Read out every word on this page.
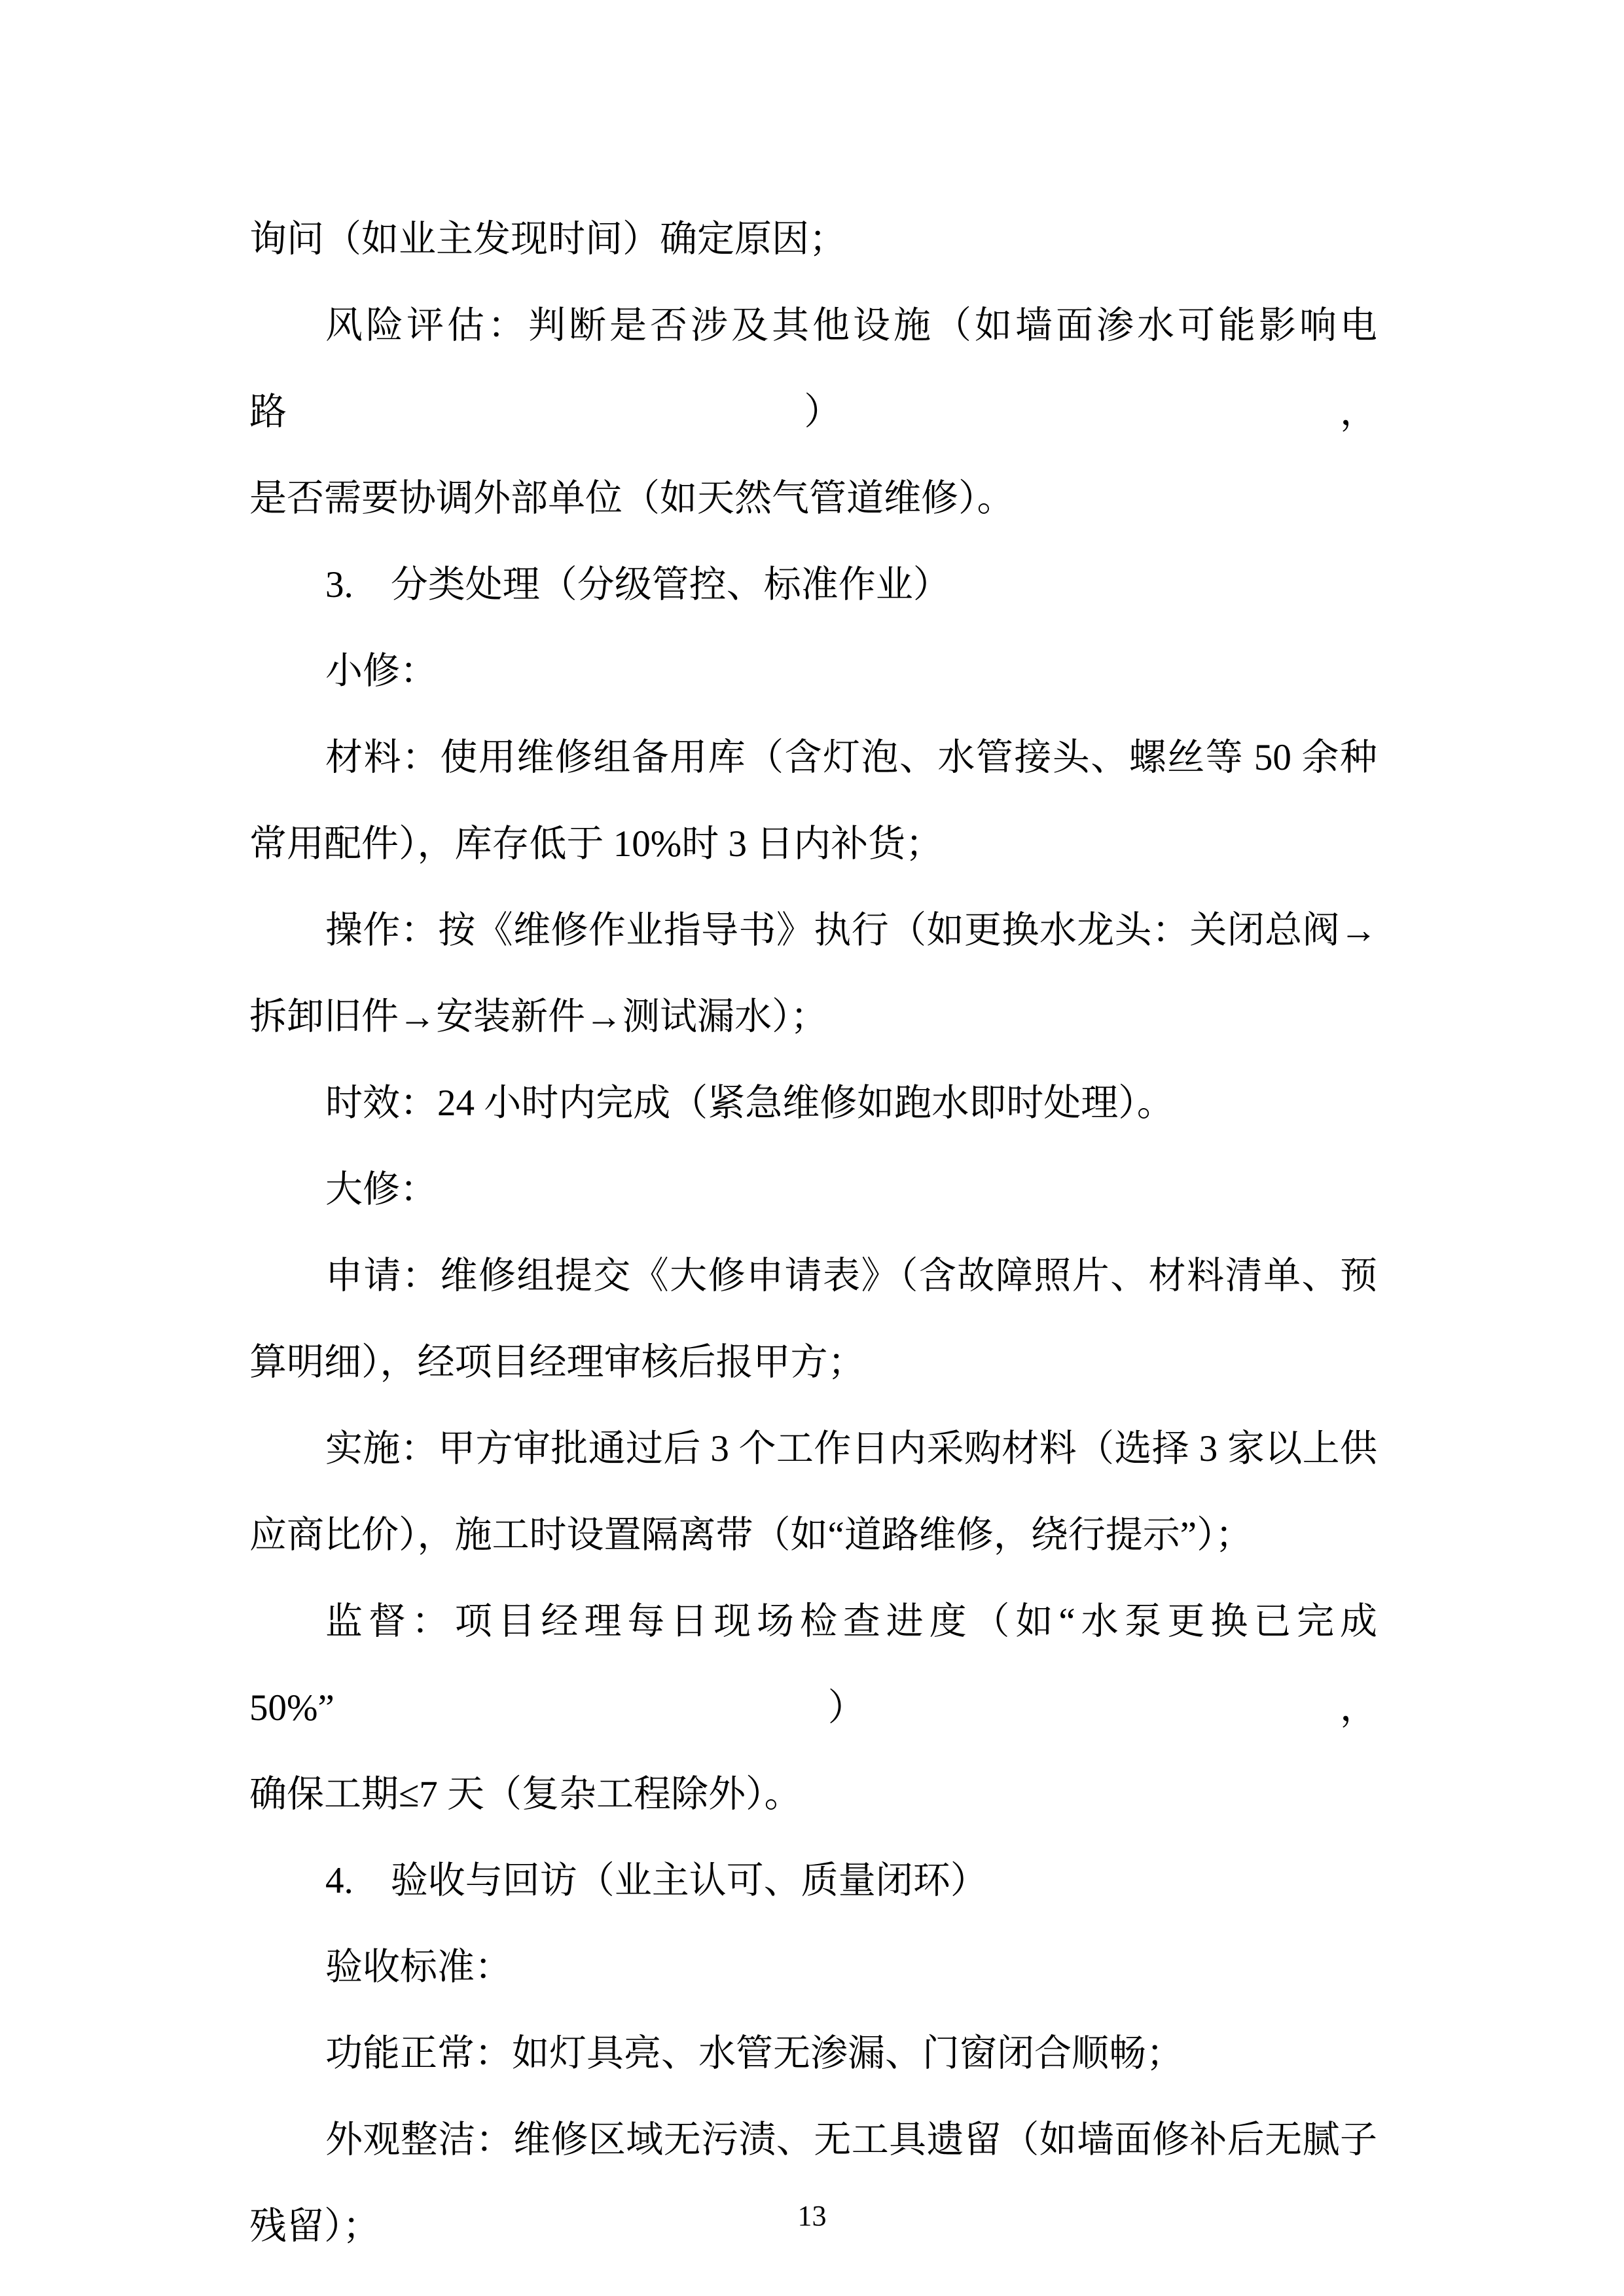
询问（如业主发现时间）确定原因；
风险评估：判断是否涉及其他设施（如墙面渗水可能影响电路），
是否需要协调外部单位（如天然气管道维修）。
3.　分类处理（分级管控、标准作业）
小修：
材料：使用维修组备用库（含灯泡、水管接头、螺丝等 50 余种
常用配件），库存低于 10%时 3 日内补货；
操作：按《维修作业指导书》执行（如更换水龙头：关闭总阀→
拆卸旧件→安装新件→测试漏水）；
时效：24 小时内完成（紧急维修如跑水即时处理）。
大修：
申请：维修组提交《大修申请表》（含故障照片、材料清单、预
算明细），经项目经理审核后报甲方；
实施：甲方审批通过后 3 个工作日内采购材料（选择 3 家以上供
应商比价），施工时设置隔离带（如“道路维修，绕行提示”）；
监督：项目经理每日现场检查进度（如“水泵更换已完成 50%”），
确保工期≤7 天（复杂工程除外）。
4.　验收与回访（业主认可、质量闭环）
验收标准：
功能正常：如灯具亮、水管无渗漏、门窗闭合顺畅；
外观整洁：维修区域无污渍、无工具遗留（如墙面修补后无腻子
残留）；	13
